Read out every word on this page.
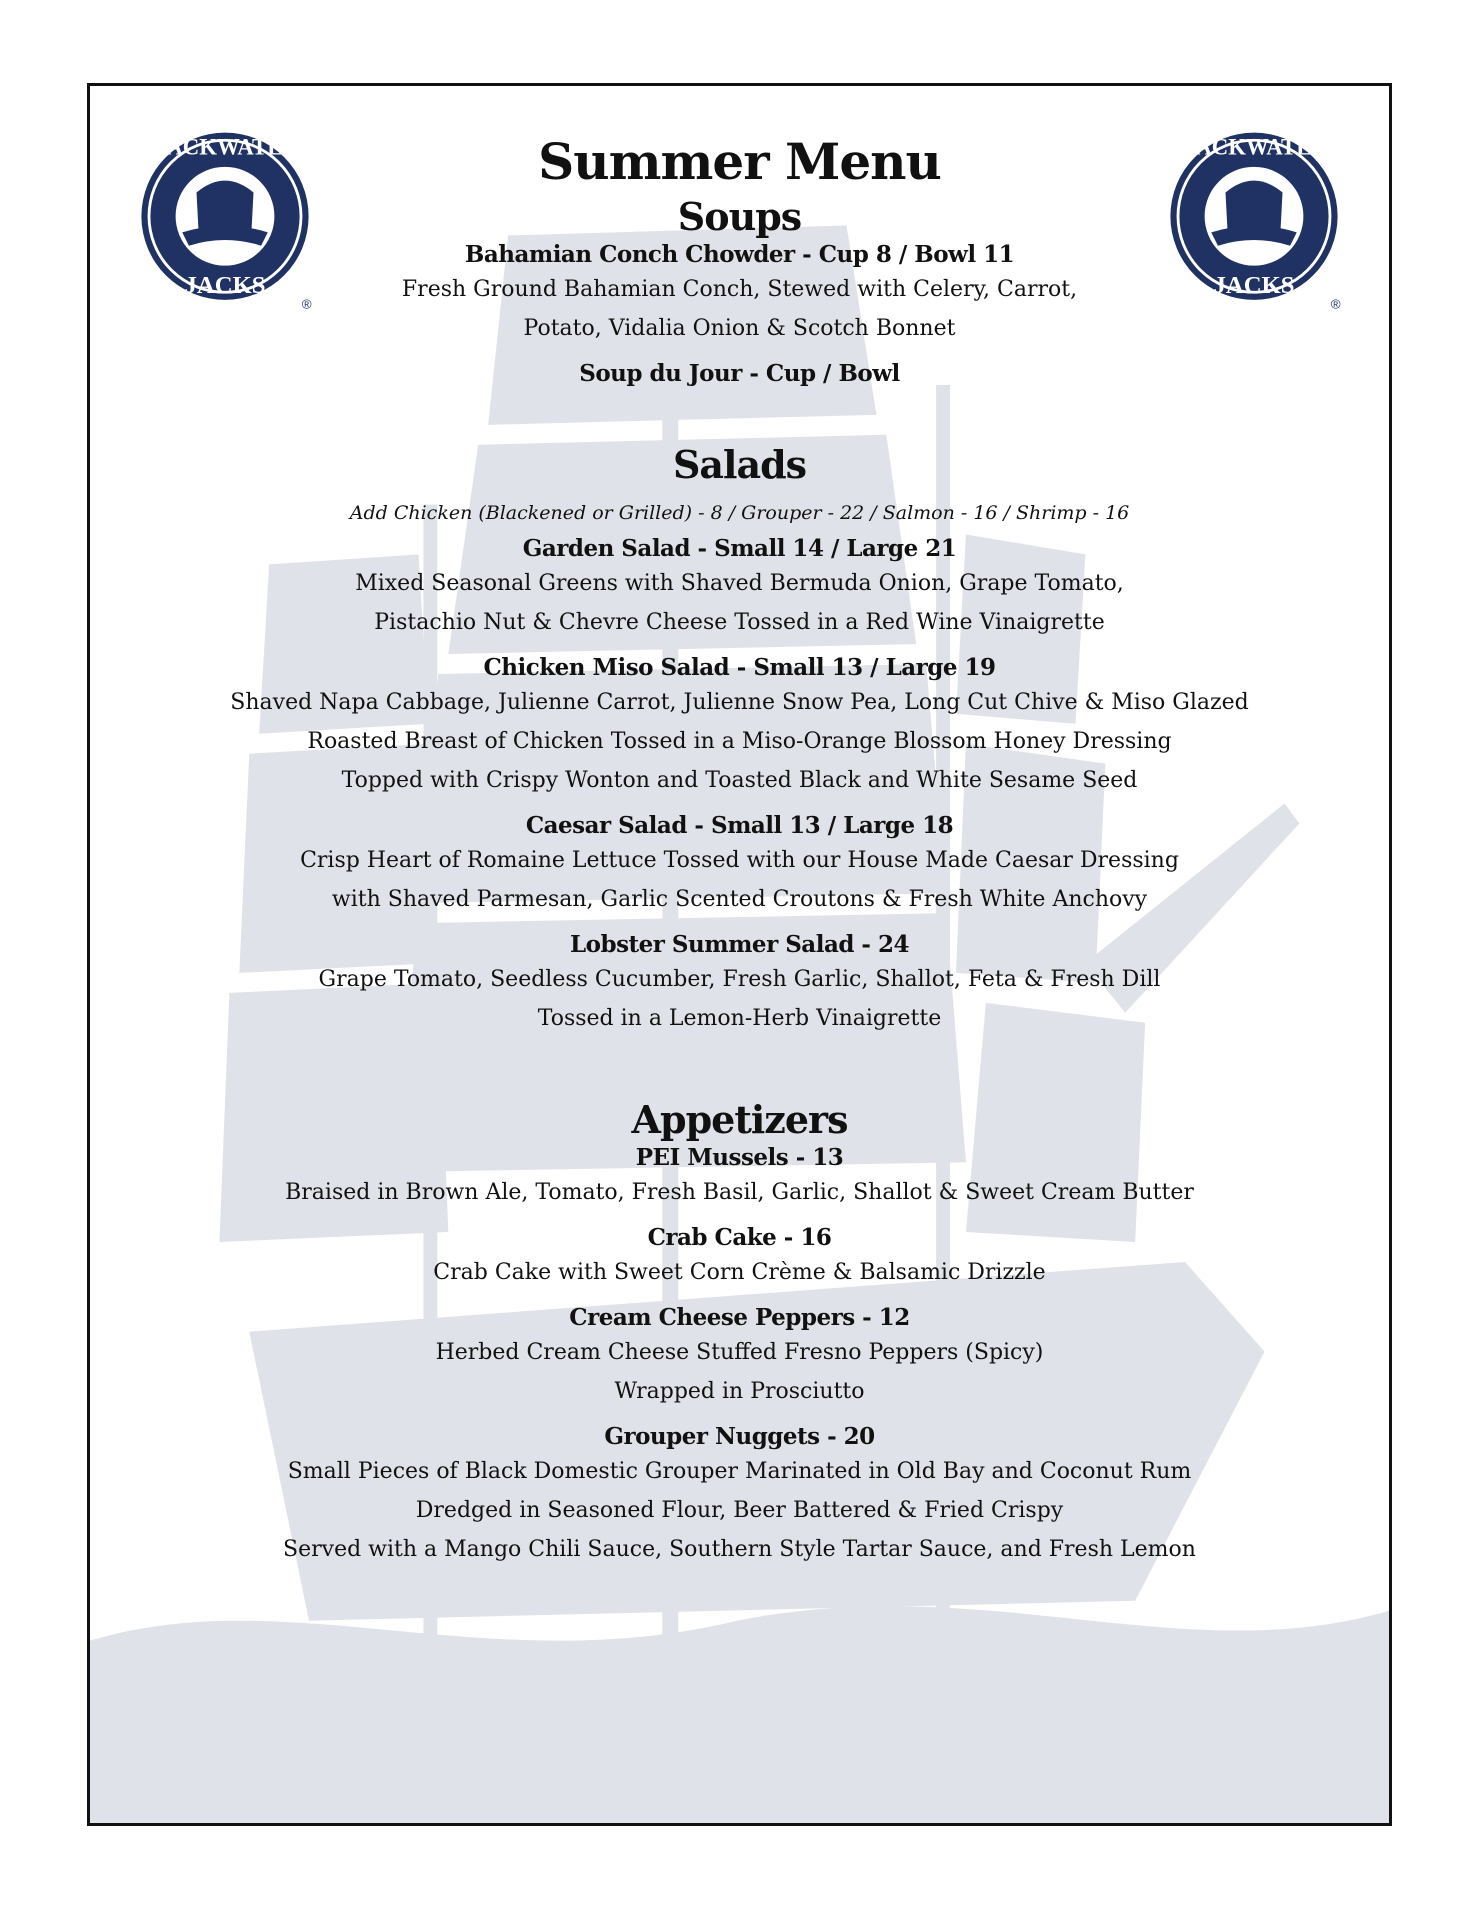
BACKWATER
JACKS
®
BACKWATER
JACKS
®
Summer Menu
Soups
Bahamian Conch Chowder - Cup 8 / Bowl 11
Fresh Ground Bahamian Conch, Stewed with Celery, Carrot,
Potato, Vidalia Onion & Scotch Bonnet
Soup du Jour - Cup / Bowl
Salads
Add Chicken (Blackened or Grilled) - 8 / Grouper - 22 / Salmon - 16 / Shrimp - 16
Garden Salad - Small 14 / Large 21
Mixed Seasonal Greens with Shaved Bermuda Onion, Grape Tomato,
Pistachio Nut & Chevre Cheese Tossed in a Red Wine Vinaigrette
Chicken Miso Salad - Small 13 / Large 19
Shaved Napa Cabbage, Julienne Carrot, Julienne Snow Pea, Long Cut Chive & Miso Glazed
Roasted Breast of Chicken Tossed in a Miso-Orange Blossom Honey Dressing
Topped with Crispy Wonton and Toasted Black and White Sesame Seed
Caesar Salad - Small 13 / Large 18
Crisp Heart of Romaine Lettuce Tossed with our House Made Caesar Dressing
with Shaved Parmesan, Garlic Scented Croutons & Fresh White Anchovy
Lobster Summer Salad - 24
Grape Tomato, Seedless Cucumber, Fresh Garlic, Shallot, Feta & Fresh Dill
Tossed in a Lemon-Herb Vinaigrette
Appetizers
PEI Mussels - 13
Braised in Brown Ale, Tomato, Fresh Basil, Garlic, Shallot & Sweet Cream Butter
Crab Cake - 16
Crab Cake with Sweet Corn Crème & Balsamic Drizzle
Cream Cheese Peppers - 12
Herbed Cream Cheese Stuffed Fresno Peppers (Spicy)
Wrapped in Prosciutto
Grouper Nuggets - 20
Small Pieces of Black Domestic Grouper Marinated in Old Bay and Coconut Rum
Dredged in Seasoned Flour, Beer Battered & Fried Crispy
Served with a Mango Chili Sauce, Southern Style Tartar Sauce, and Fresh Lemon
